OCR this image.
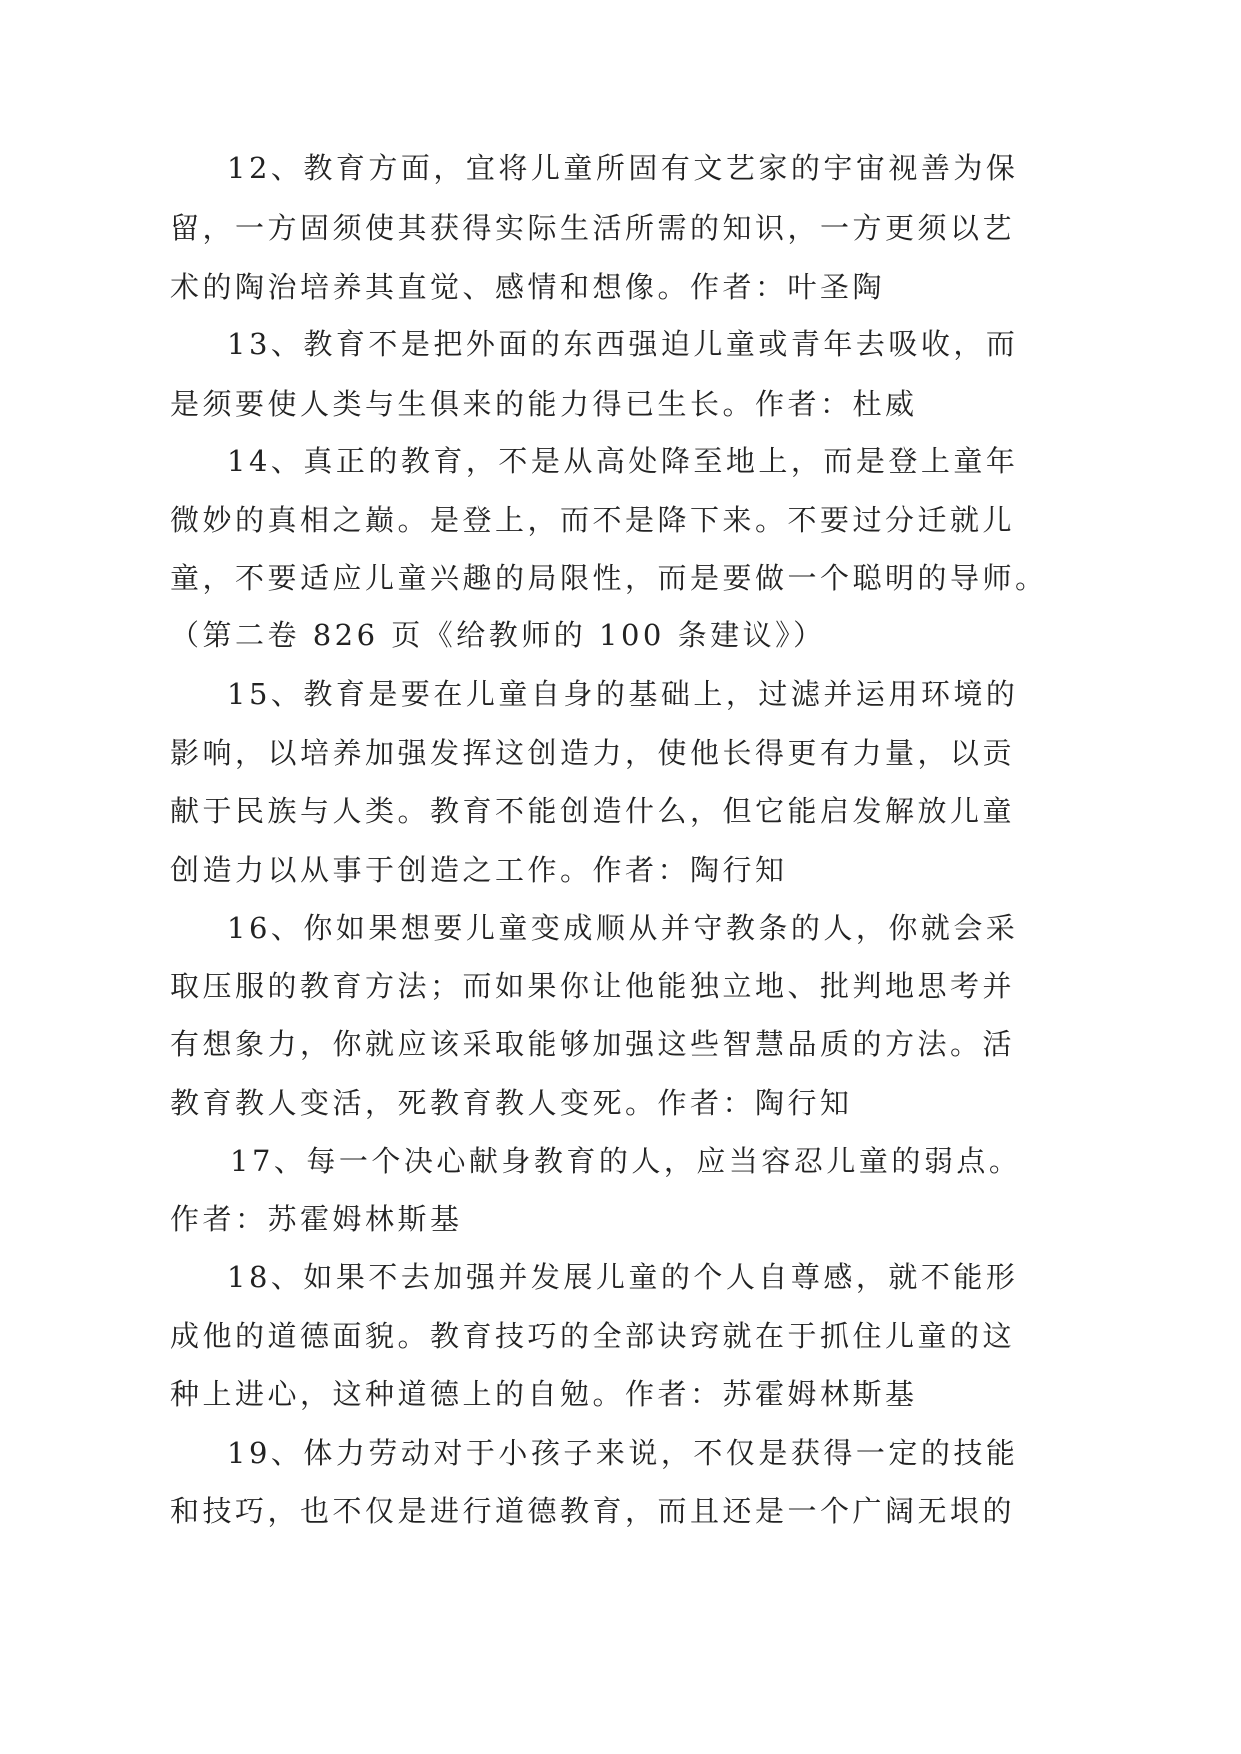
12、教育方面，宜将儿童所固有文艺家的宇宙视善为保
留，一方固须使其获得实际生活所需的知识，一方更须以艺
术的陶治培养其直觉、感情和想像。作者：叶圣陶
13、教育不是把外面的东西强迫儿童或青年去吸收，而
是须要使人类与生俱来的能力得已生长。作者：杜威
14、真正的教育，不是从高处降至地上，而是登上童年
微妙的真相之巅。是登上，而不是降下来。不要过分迁就儿
童，不要适应儿童兴趣的局限性，而是要做一个聪明的导师。
（第二卷 826 页《给教师的 100 条建议》）
15、教育是要在儿童自身的基础上，过滤并运用环境的
影响，以培养加强发挥这创造力，使他长得更有力量，以贡
献于民族与人类。教育不能创造什么，但它能启发解放儿童
创造力以从事于创造之工作。作者：陶行知
16、你如果想要儿童变成顺从并守教条的人，你就会采
取压服的教育方法；而如果你让他能独立地、批判地思考并
有想象力，你就应该采取能够加强这些智慧品质的方法。活
教育教人变活，死教育教人变死。作者：陶行知
17、每一个决心献身教育的人，应当容忍儿童的弱点。
作者：苏霍姆林斯基
18、如果不去加强并发展儿童的个人自尊感，就不能形
成他的道德面貌。教育技巧的全部诀窍就在于抓住儿童的这
种上进心，这种道德上的自勉。作者：苏霍姆林斯基
19、体力劳动对于小孩子来说，不仅是获得一定的技能
和技巧，也不仅是进行道德教育，而且还是一个广阔无垠的
